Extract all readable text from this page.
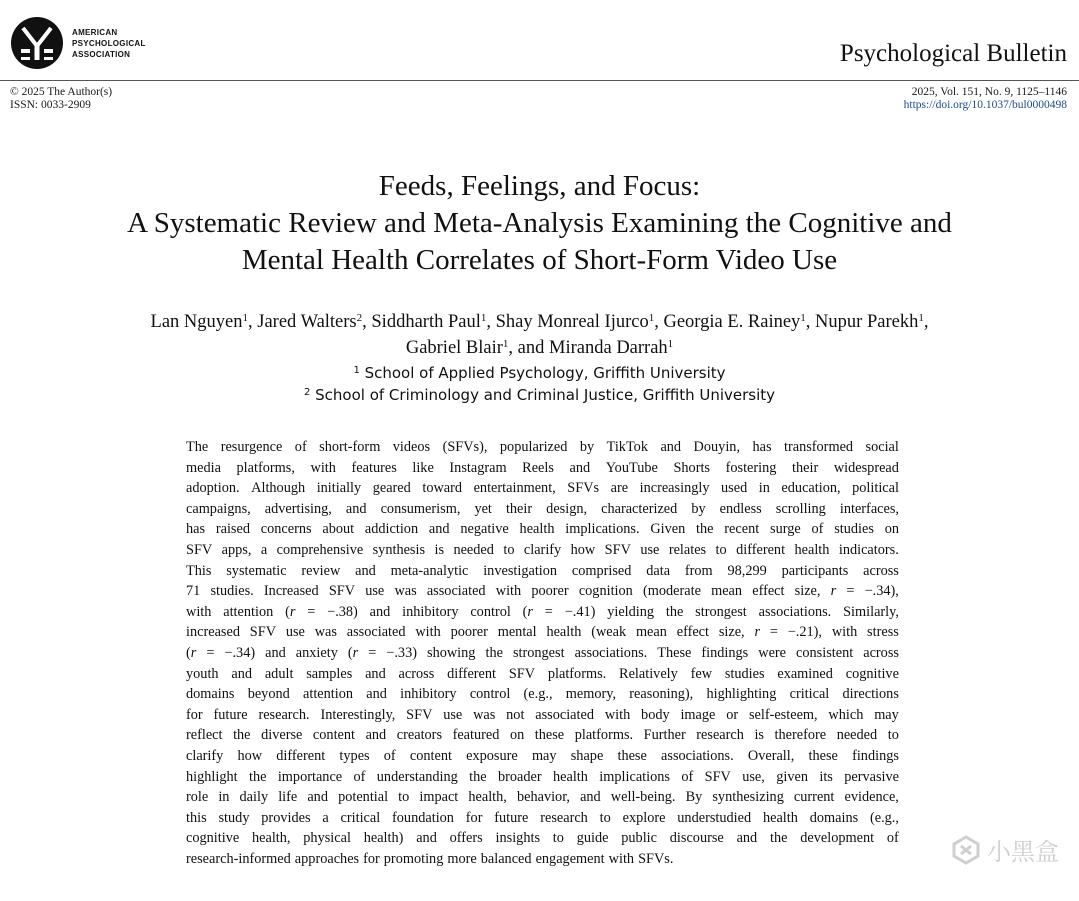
AMERICAN
PSYCHOLOGICAL
ASSOCIATION	Psychological Bulletin
© 2025 The Author(s)
ISSN: 0033-2909
2025, Vol. 151, No. 9, 1125–1146
https://doi.org/10.1037/bul0000498
Feeds, Feelings, and Focus:
A Systematic Review and Meta-Analysis Examining the Cognitive and
Mental Health Correlates of Short-Form Video Use
Lan Nguyen$^1$, Jared Walters$^2$, Siddharth Paul$^1$, Shay Monreal Ijurco$^1$, Georgia E. Rainey$^1$, Nupur Parekh$^1$,
Gabriel Blair$^1$, and Miranda Darrah$^1$
$^1$ School of Applied Psychology, Griffith University
$^2$ School of Criminology and Criminal Justice, Griffith University
The resurgence of short-form videos (SFVs), popularized by TikTok and Douyin, has transformed social
media platforms, with features like Instagram Reels and YouTube Shorts fostering their widespread
adoption. Although initially geared toward entertainment, SFVs are increasingly used in education, political
campaigns, advertising, and consumerism, yet their design, characterized by endless scrolling interfaces,
has raised concerns about addiction and negative health implications. Given the recent surge of studies on
SFV apps, a comprehensive synthesis is needed to clarify how SFV use relates to different health indicators.
This systematic review and meta-analytic investigation comprised data from 98,299 participants across
71 studies. Increased SFV use was associated with poorer cognition (moderate mean effect size, r = −.34),
with attention (r = −.38) and inhibitory control (r = −.41) yielding the strongest associations. Similarly,
increased SFV use was associated with poorer mental health (weak mean effect size, r = −.21), with stress
(r = −.34) and anxiety (r = −.33) showing the strongest associations. These findings were consistent across
youth and adult samples and across different SFV platforms. Relatively few studies examined cognitive
domains beyond attention and inhibitory control (e.g., memory, reasoning), highlighting critical directions
for future research. Interestingly, SFV use was not associated with body image or self-esteem, which may
reflect the diverse content and creators featured on these platforms. Further research is therefore needed to
clarify how different types of content exposure may shape these associations. Overall, these findings
highlight the importance of understanding the broader health implications of SFV use, given its pervasive
role in daily life and potential to impact health, behavior, and well-being. By synthesizing current evidence,
this study provides a critical foundation for future research to explore understudied health domains (e.g.,
cognitive health, physical health) and offers insights to guide public discourse and the development of
research-informed approaches for promoting more balanced engagement with SFVs.	小黑盒
